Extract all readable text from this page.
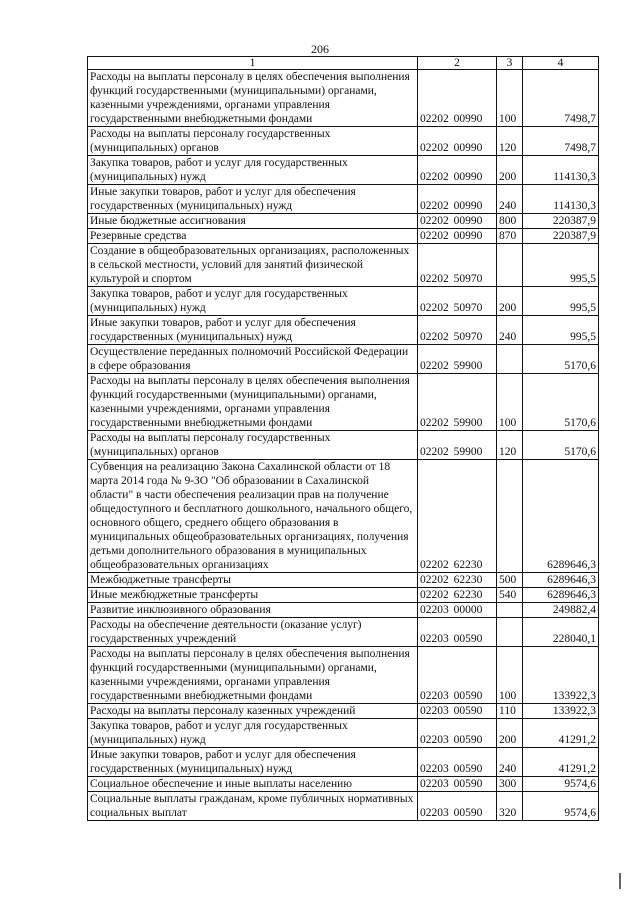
206
1	2	3	4
Расходы на выплаты персоналу в целях обеспечения выполнения функций государственными (муниципальными) органами, казенными учреждениями, органами управления государственными внебюджетными фондами	02202 00990	100	7498,7
Расходы на выплаты персоналу государственных (муниципальных) органов	02202 00990	120	7498,7
Закупка товаров, работ и услуг для государственных (муниципальных) нужд	02202 00990	200	114130,3
Иные закупки товаров, работ и услуг для обеспечения государственных (муниципальных) нужд	02202 00990	240	114130,3
Иные бюджетные ассигнования	02202 00990	800	220387,9
Резервные средства	02202 00990	870	220387,9
Создание в общеобразовательных организациях, расположенных в сельской местности, условий для занятий физической культурой и спортом	02202 50970		995,5
Закупка товаров, работ и услуг для государственных (муниципальных) нужд	02202 50970	200	995,5
Иные закупки товаров, работ и услуг для обеспечения государственных (муниципальных) нужд	02202 50970	240	995,5
Осуществление переданных полномочий Российской Федерации в сфере образования	02202 59900		5170,6
Расходы на выплаты персоналу в целях обеспечения выполнения функций государственными (муниципальными) органами, казенными учреждениями, органами управления государственными внебюджетными фондами	02202 59900	100	5170,6
Расходы на выплаты персоналу государственных (муниципальных) органов	02202 59900	120	5170,6
Субвенция на реализацию Закона Сахалинской области от 18 марта 2014 года № 9-ЗО "Об образовании в Сахалинской области" в части обеспечения реализации прав на получение общедоступного и бесплатного дошкольного, начального общего, основного общего, среднего общего образования в муниципальных общеобразовательных организациях, получения детьми дополнительного образования в муниципальных общеобразовательных организациях	02202 62230		6289646,3
Межбюджетные трансферты	02202 62230	500	6289646,3
Иные межбюджетные трансферты	02202 62230	540	6289646,3
Развитие инклюзивного образования	02203 00000		249882,4
Расходы на обеспечение деятельности (оказание услуг) государственных учреждений	02203 00590		228040,1
Расходы на выплаты персоналу в целях обеспечения выполнения функций государственными (муниципальными) органами, казенными учреждениями, органами управления государственными внебюджетными фондами	02203 00590	100	133922,3
Расходы на выплаты персоналу казенных учреждений	02203 00590	110	133922,3
Закупка товаров, работ и услуг для государственных (муниципальных) нужд	02203 00590	200	41291,2
Иные закупки товаров, работ и услуг для обеспечения государственных (муниципальных) нужд	02203 00590	240	41291,2
Социальное обеспечение и иные выплаты населению	02203 00590	300	9574,6
Социальные выплаты гражданам, кроме публичных нормативных социальных выплат	02203 00590	320	9574,6
